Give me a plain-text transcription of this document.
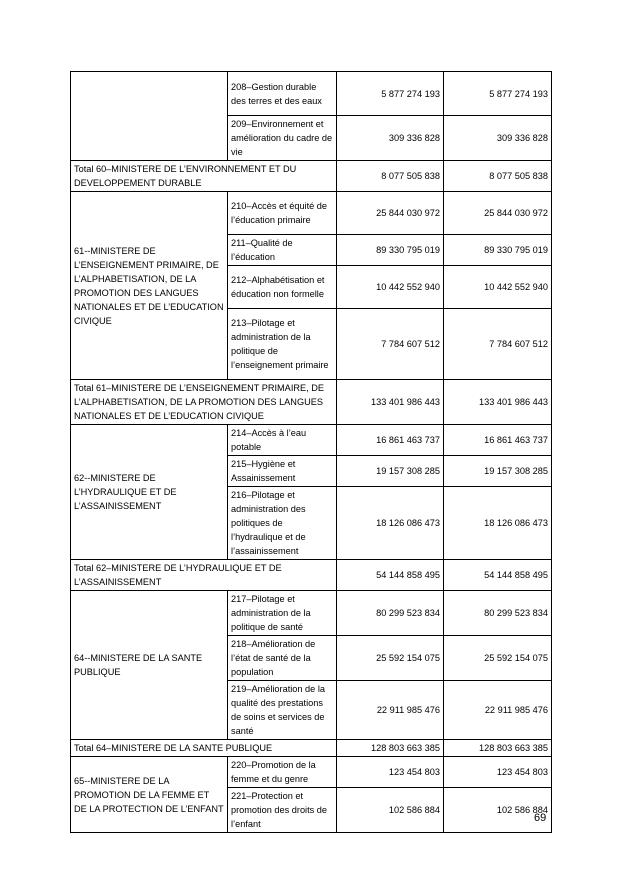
	208–Gestion durable des terres et des eaux	5 877 274 193	5 877 274 193
	209–Environnement et amélioration du cadre de vie	309 336 828	309 336 828
Total 60–MINISTERE DE L’ENVIRONNEMENT ET DU DEVELOPPEMENT DURABLE		8 077 505 838	8 077 505 838
61--MINISTERE DE L’ENSEIGNEMENT PRIMAIRE, DE L’ALPHABETISATION, DE LA PROMOTION DES LANGUES NATIONALES ET DE L’EDUCATION CIVIQUE	210–Accès et équité de l’éducation primaire	25 844 030 972	25 844 030 972
	211–Qualité de l’éducation	89 330 795 019	89 330 795 019
	212–Alphabétisation et éducation non formelle	10 442 552 940	10 442 552 940
	213–Pilotage et administration de la politique de l’enseignement primaire	7 784 607 512	7 784 607 512
Total 61–MINISTERE DE L’ENSEIGNEMENT PRIMAIRE, DE L’ALPHABETISATION, DE LA PROMOTION DES LANGUES NATIONALES ET DE L’EDUCATION CIVIQUE		133 401 986 443	133 401 986 443
62--MINISTERE DE L’HYDRAULIQUE ET DE L’ASSAINISSEMENT	214–Accès à l’eau potable	16 861 463 737	16 861 463 737
	215–Hygiène et Assainissement	19 157 308 285	19 157 308 285
	216–Pilotage et administration des politiques de l’hydraulique et de l’assainissement	18 126 086 473	18 126 086 473
Total 62–MINISTERE DE L’HYDRAULIQUE ET DE L’ASSAINISSEMENT		54 144 858 495	54 144 858 495
64--MINISTERE DE LA SANTE PUBLIQUE	217–Pilotage et administration de la politique de santé	80 299 523 834	80 299 523 834
	218–Amélioration de l’état de santé de la population	25 592 154 075	25 592 154 075
	219–Amélioration de la qualité des prestations de soins et services de santé	22 911 985 476	22 911 985 476
Total 64–MINISTERE DE LA SANTE PUBLIQUE		128 803 663 385	128 803 663 385
65--MINISTERE DE LA PROMOTION DE LA FEMME ET DE LA PROTECTION DE L’ENFANT	220–Promotion de la femme et du genre	123 454 803	123 454 803
	221–Protection et promotion des droits de l’enfant	102 586 884	102 586 884
69
